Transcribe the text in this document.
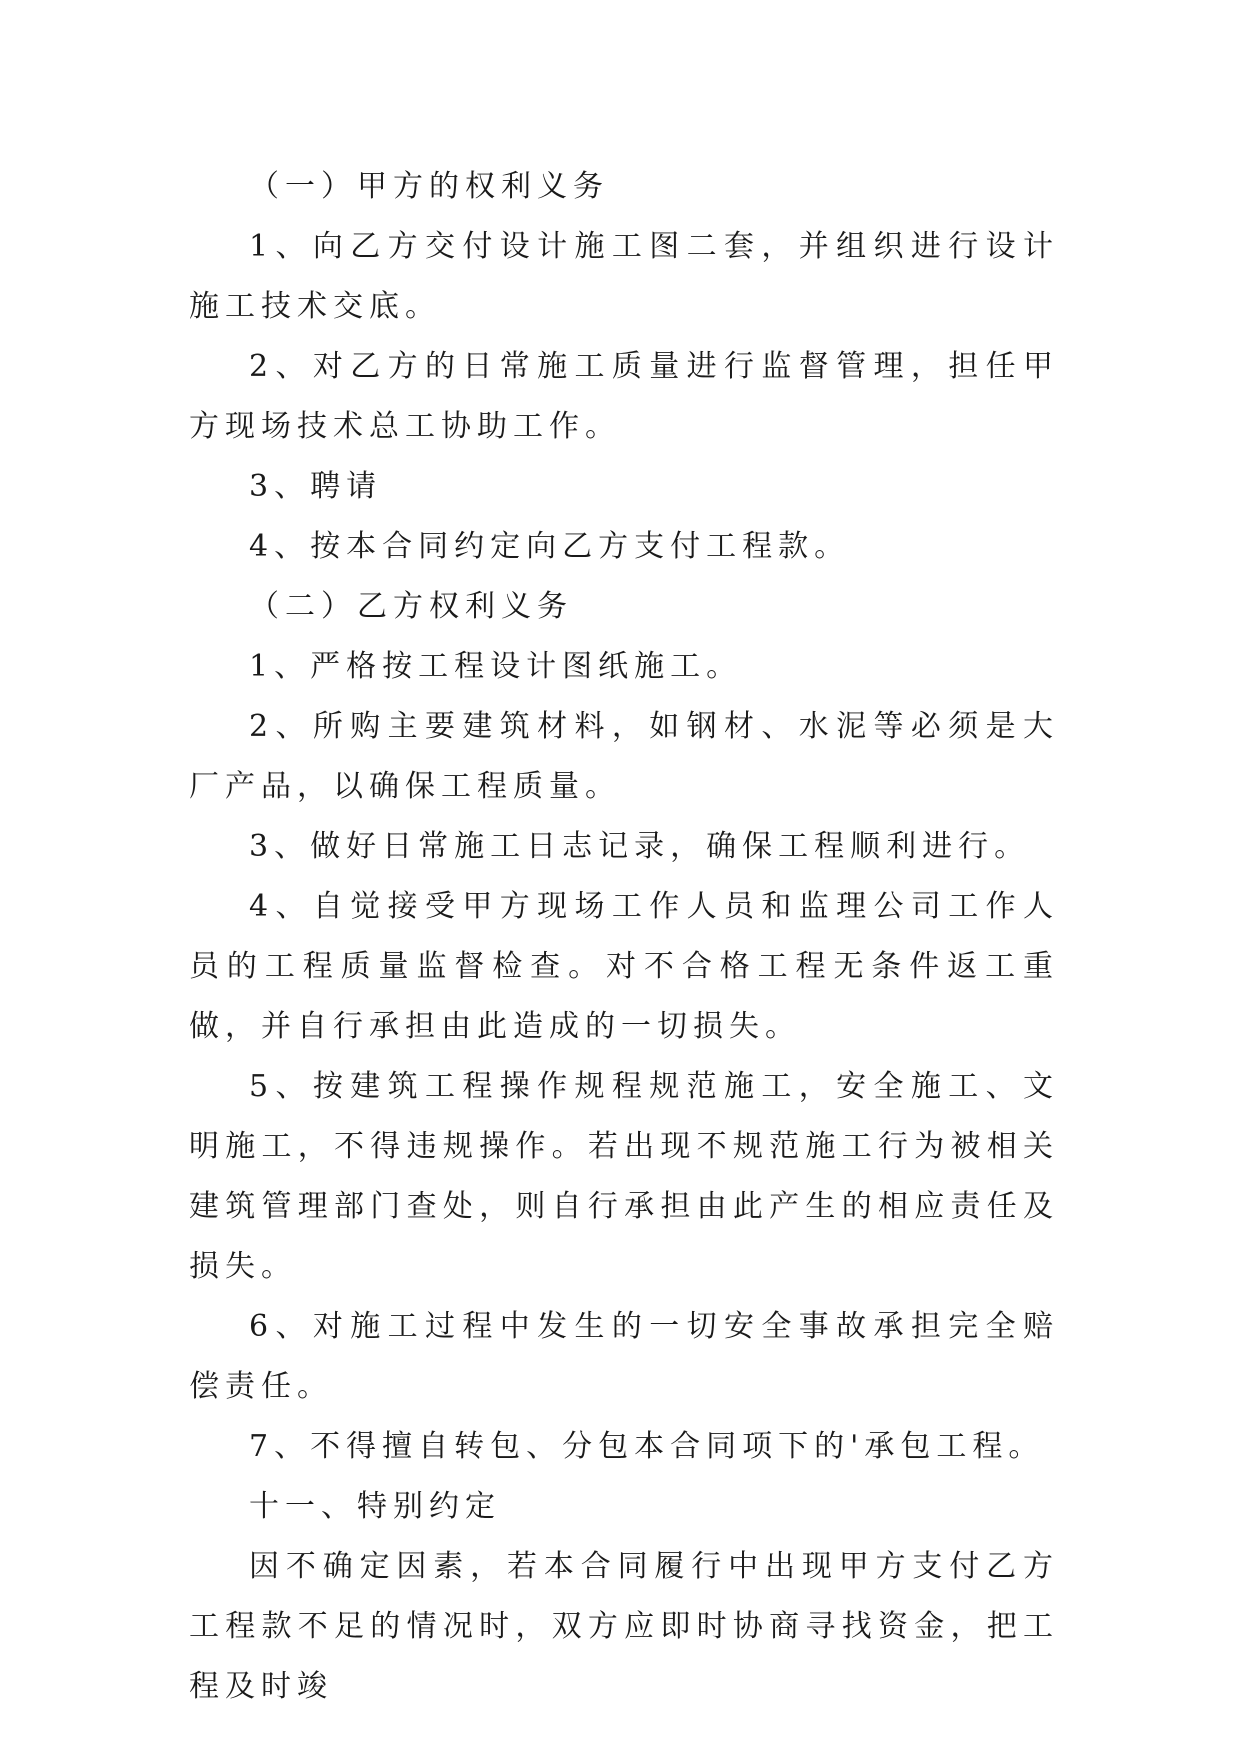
（一）甲方的权利义务

1、向乙方交付设计施工图二套，并组织进行设计施工技术交底。

2、对乙方的日常施工质量进行监督管理，担任甲方现场技术总工协助工作。

3、聘请

4、按本合同约定向乙方支付工程款。

（二）乙方权利义务

1、严格按工程设计图纸施工。

2、所购主要建筑材料，如钢材、水泥等必须是大厂产品，以确保工程质量。

3、做好日常施工日志记录，确保工程顺利进行。

4、自觉接受甲方现场工作人员和监理公司工作人员的工程质量监督检查。对不合格工程无条件返工重做，并自行承担由此造成的一切损失。

5、按建筑工程操作规程规范施工，安全施工、文明施工，不得违规操作。若出现不规范施工行为被相关建筑管理部门查处，则自行承担由此产生的相应责任及损失。

6、对施工过程中发生的一切安全事故承担完全赔偿责任。

7、不得擅自转包、分包本合同项下的'承包工程。

十一、特别约定

因不确定因素，若本合同履行中出现甲方支付乙方工程款不足的情况时，双方应即时协商寻找资金，把工程及时竣
